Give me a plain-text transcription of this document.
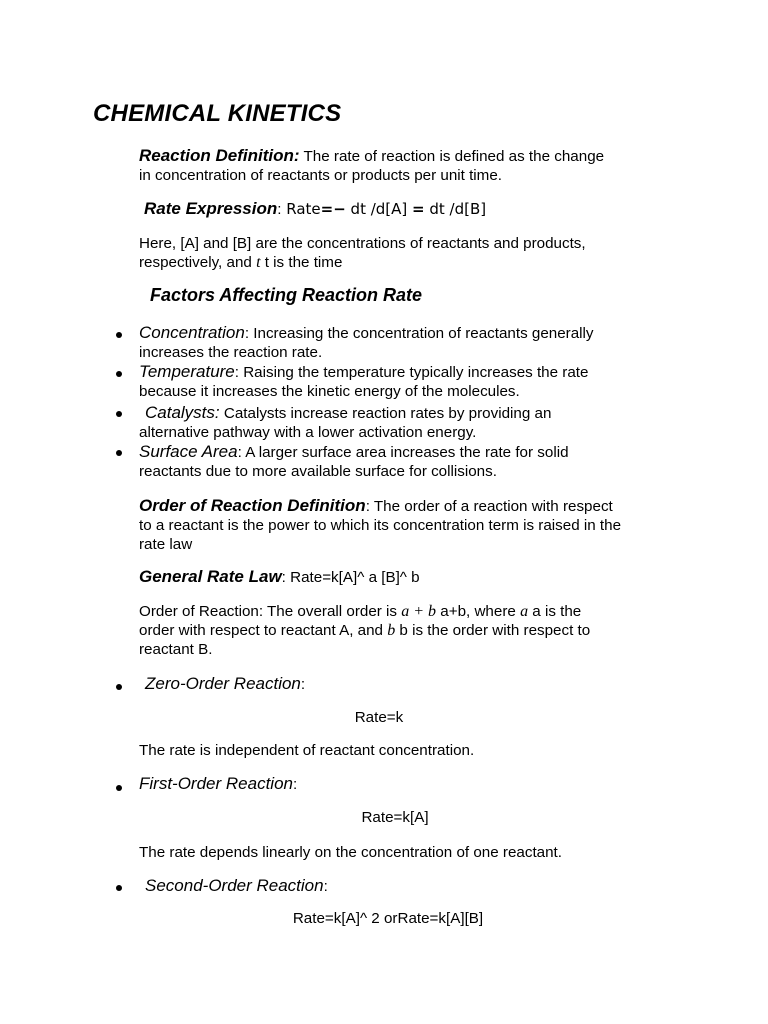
CHEMICAL KINETICS
Reaction Definition: The rate of reaction is defined as the change
in concentration of reactants or products per unit time.
Rate Expression: Rate=− dt /d[A] = dt /d[B]
Here, [A] and [B] are the concentrations of reactants and products,
respectively, and t t is the time
Factors Affecting Reaction Rate
Concentration: Increasing the concentration of reactants generally
increases the reaction rate.
Temperature: Raising the temperature typically increases the rate
because it increases the kinetic energy of the molecules.
Catalysts: Catalysts increase reaction rates by providing an
alternative pathway with a lower activation energy.
Surface Area: A larger surface area increases the rate for solid
reactants due to more available surface for collisions.
Order of Reaction Definition: The order of a reaction with respect
to a reactant is the power to which its concentration term is raised in the
rate law
General Rate Law: Rate=k[A]^ a [B]^ b
Order of Reaction: The overall order is a + b a+b, where a a is the
order with respect to reactant A, and b b is the order with respect to
reactant B.
Zero-Order Reaction:
Rate=k
The rate is independent of reactant concentration.
First-Order Reaction:
Rate=k[A]
The rate depends linearly on the concentration of one reactant.
Second-Order Reaction:
Rate=k[A]^ 2 orRate=k[A][B]
